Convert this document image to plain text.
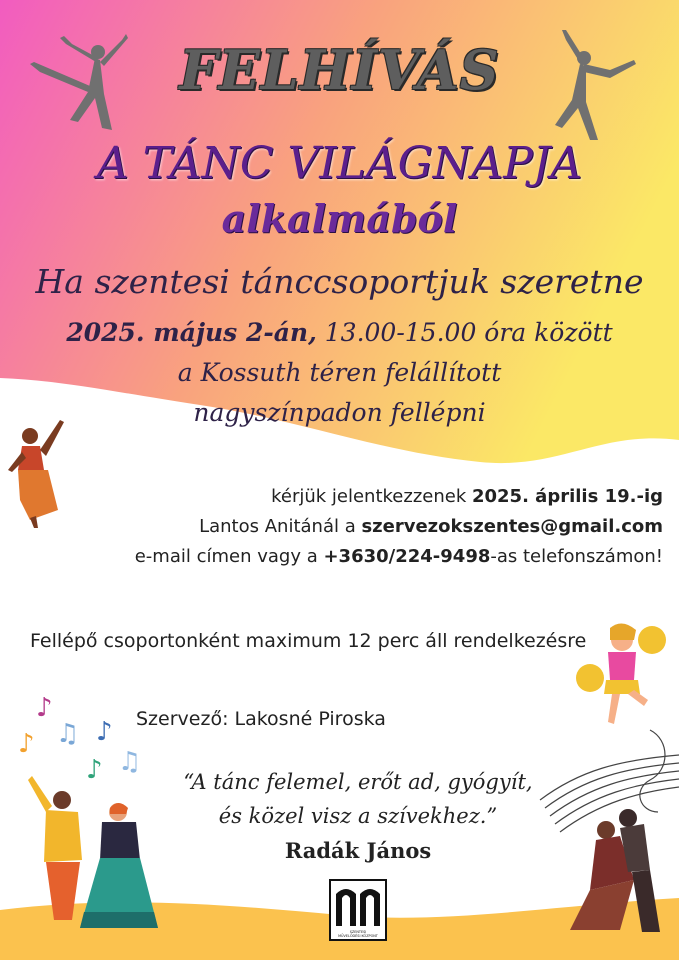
♪
♫
♪ ♪
♪ ♫
FELHÍVÁS
A TÁNC VILÁGNAPJA
alkalmából
Ha szentesi tánccsoportjuk szeretne
2025. május 2-án, 13.00-15.00 óra között
a Kossuth téren felállított
nagyszínpadon fellépni
kérjük jelentkezzenek 2025. április 19.-ig
Lantos Anitánál a szervezokszentes@gmail.com
e-mail címen vagy a +3630/224-9498-as telefonszámon!
Fellépő csoportonként maximum 12 perc áll rendelkezésre
Szervező: Lakosné Piroska
“A tánc felemel, erőt ad, gyógyít,
és közel visz a szívekhez.”
Radák János
SZENTESI
MŰVELŐDÉSI KÖZPONT
